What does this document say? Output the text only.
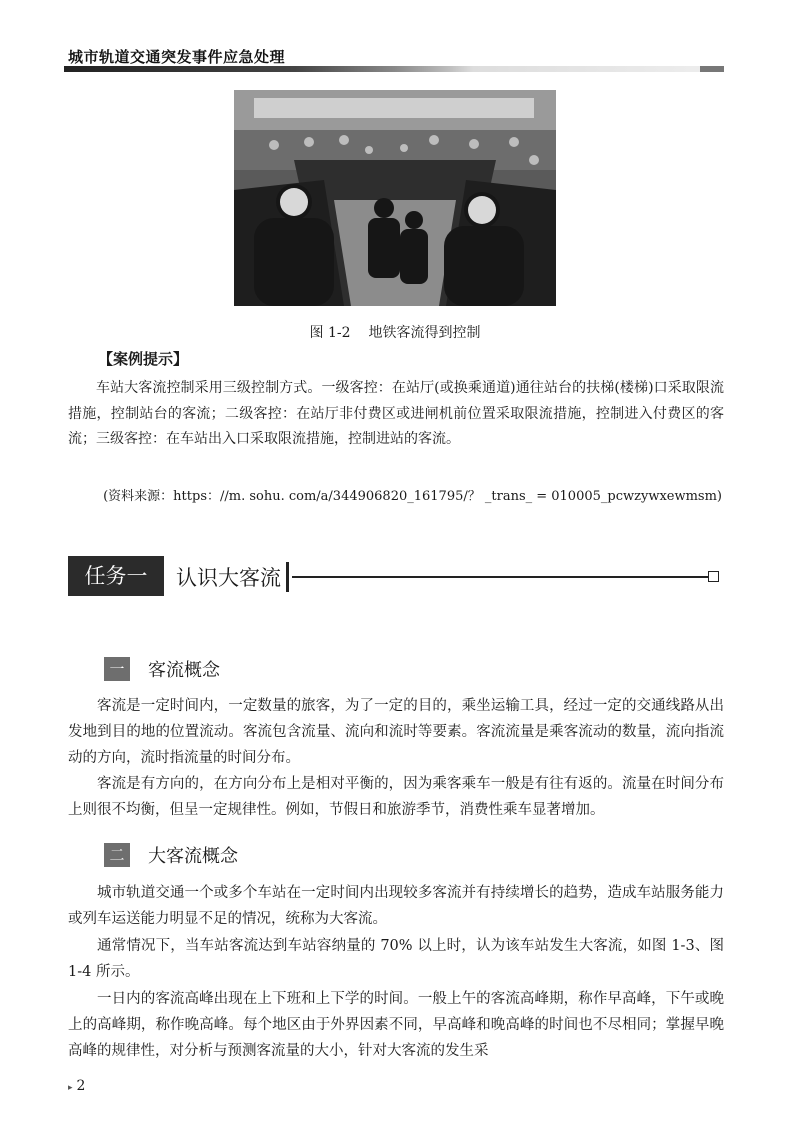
城市轨道交通突发事件应急处理
图 1-2 地铁客流得到控制
【案例提示】
车站大客流控制采用三级控制方式。一级客控：在站厅(或换乘通道)通往站台的扶梯(楼梯)口采取限流措施，控制站台的客流；二级客控：在站厅非付费区或进闸机前位置采取限流措施，控制进入付费区的客流；三级客控：在车站出入口采取限流措施，控制进站的客流。
(资料来源：https：//m. sohu. com/a/344906820_161795/？ _trans_ = 010005_pcwzywxewmsm)
任务一	认识大客流
一	客流概念
客流是一定时间内，一定数量的旅客，为了一定的目的，乘坐运输工具，经过一定的交通线路从出发地到目的地的位置流动。客流包含流量、流向和流时等要素。客流流量是乘客流动的数量，流向指流动的方向，流时指流量的时间分布。
客流是有方向的，在方向分布上是相对平衡的，因为乘客乘车一般是有往有返的。流量在时间分布上则很不均衡，但呈一定规律性。例如，节假日和旅游季节，消费性乘车显著增加。
二	大客流概念
城市轨道交通一个或多个车站在一定时间内出现较多客流并有持续增长的趋势，造成车站服务能力或列车运送能力明显不足的情况，统称为大客流。
通常情况下，当车站客流达到车站容纳量的 70% 以上时，认为该车站发生大客流，如图 1-3、图 1-4 所示。
一日内的客流高峰出现在上下班和上下学的时间。一般上午的客流高峰期，称作早高峰，下午或晚上的高峰期，称作晚高峰。每个地区由于外界因素不同，早高峰和晚高峰的时间也不尽相同；掌握早晚高峰的规律性，对分析与预测客流量的大小，针对大客流的发生采
▸ 2
